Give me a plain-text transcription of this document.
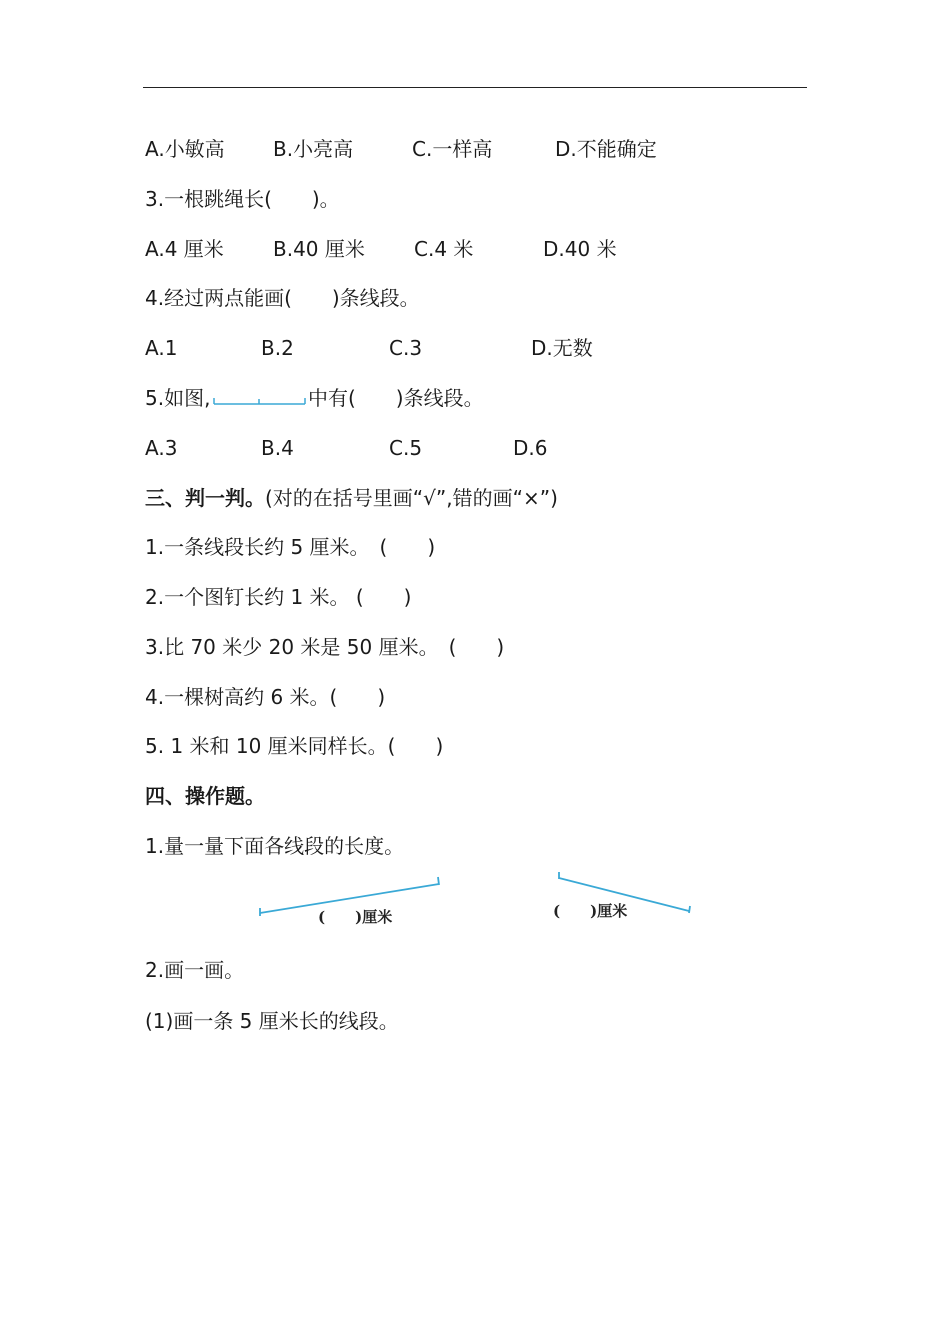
A.小敏高

B.小亮高

	C.一样高

	D.不能确定

3.一根跳绳长(　　)。

A.4 厘米

B.40 厘米

C.4 米

	D.40 米

4.经过两点能画(　　)条线段。

A.1

	B.2

	C.3

	D.无数

5.如图,	中有(　　)条线段。

A.3

	B.4

	C.5

	D.6

三、判一判。(对的在括号里画“√”,错的画“×”)
1.一条线段长约 5 厘米。　(　　)
2.一个图钉长约 1 米。 (　　)
3.比 70 米少 20 米是 50 厘米。　(　　)
4.一棵树高约 6 米。(　　)
5. 1 米和 10 厘米同样长。(　　)
四、操作题。
1.量一量下面各线段的长度。
(　　)厘米	(　　)厘米
2.画一画。
(1)画一条 5 厘米长的线段。
